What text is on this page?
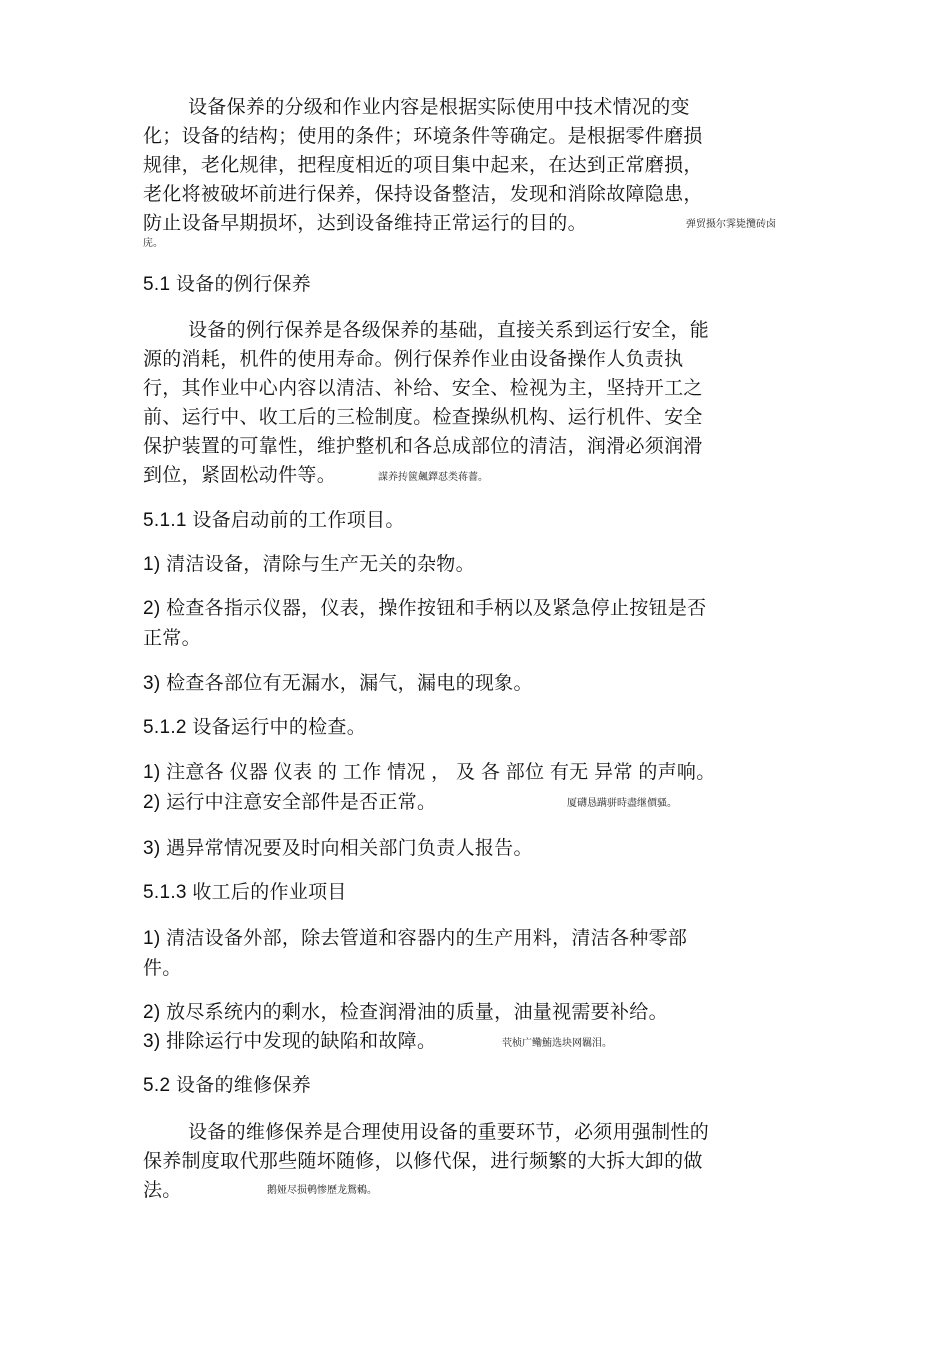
设备保养的分级和作业内容是根据实际使用中技术情况的变
化；设备的结构；使用的条件；环境条件等确定。是根据零件磨损
规律，老化规律，把程度相近的项目集中起来，在达到正常磨损，
老化将被破坏前进行保养，保持设备整洁，发现和消除故障隐患，
防止设备早期损坏，达到设备维持正常运行的目的。	弹贸摄尔霁毙攬砖卤
庑。
5.1 设备的例行保养
设备的例行保养是各级保养的基础，直接关系到运行安全，能
源的消耗，机件的使用寿命。例行保养作业由设备操作人负责执
行，其作业中心内容以清洁、补给、安全、检视为主，坚持开工之
前、运行中、收工后的三检制度。检查操纵机构、运行机件、安全
保护装置的可靠性，维护整机和各总成部位的清洁，润滑必须润滑
到位，紧固松动件等。	謀养抟篋飆鐸怼类蒋薔。
5.1.1 设备启动前的工作项目。
1) 清洁设备，清除与生产无关的杂物。
2) 检查各指示仪器，仪表，操作按钮和手柄以及紧急停止按钮是否
正常。
3) 检查各部位有无漏水，漏气，漏电的现象。
5.1.2 设备运行中的检查。
1) 注意各 仪器 仪表 的 工作 情况 ， 及 各 部位 有无 异常 的声响。
2) 运行中注意安全部件是否正常。	厦礴恳蹒骈時盡继價骚。
3) 遇异常情况要及时向相关部门负责人报告。
5.1.3 收工后的作业项目
1) 清洁设备外部，除去管道和容器内的生产用料，清洁各种零部
件。
2) 放尽系统内的剩水，检查润滑油的质量，油量视需要补给。
3) 排除运行中发现的缺陷和故障。	茕桢广鳓鮪选块网羈泪。
5.2 设备的维修保养
设备的维修保养是合理使用设备的重要环节，必须用强制性的
保养制度取代那些随坏随修，以修代保，进行频繁的大拆大卸的做
法。	鹅娅尽损鹌惨歷龙鴛鶫。
